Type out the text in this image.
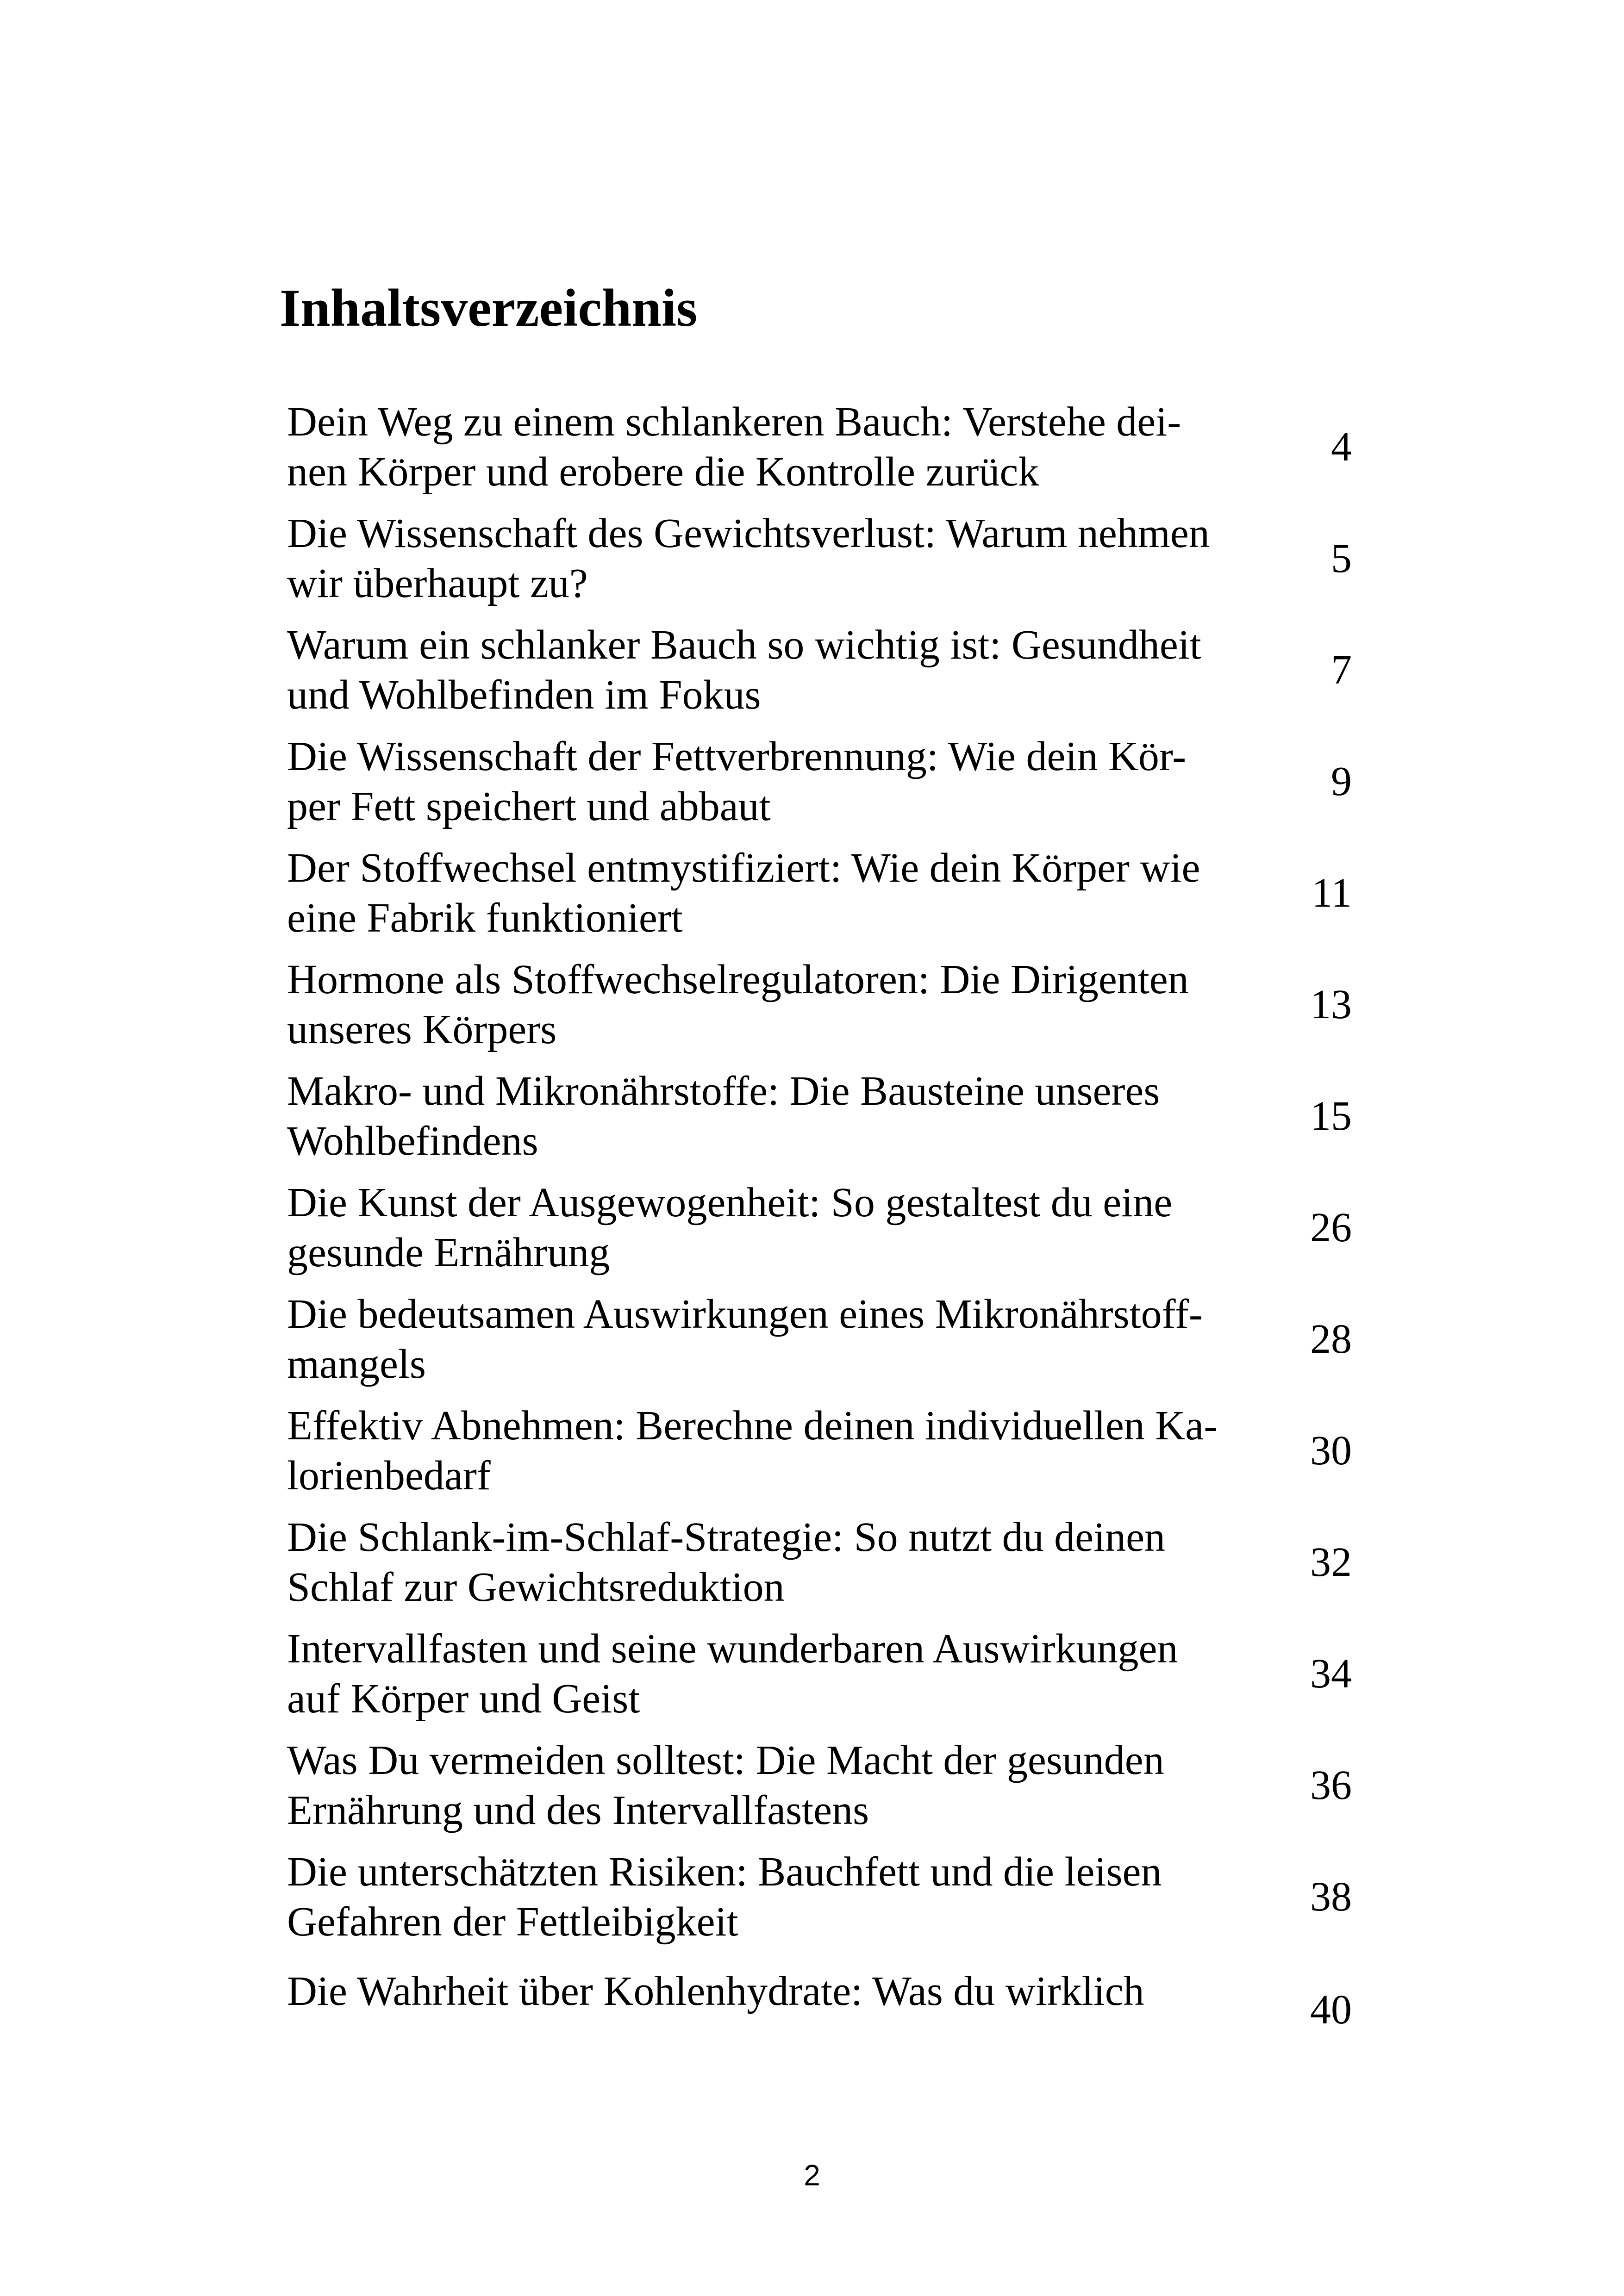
Inhaltsverzeichnis
Dein Weg zu einem schlankeren Bauch: Verstehe dei-
nen Körper und erobere die Kontrolle zurück
4
Die Wissenschaft des Gewichtsverlust: Warum nehmen
wir überhaupt zu?
5
Warum ein schlanker Bauch so wichtig ist: Gesundheit
und Wohlbefinden im Fokus
7
Die Wissenschaft der Fettverbrennung: Wie dein Kör-
per Fett speichert und abbaut
9
Der Stoffwechsel entmystifiziert: Wie dein Körper wie
eine Fabrik funktioniert
11
Hormone als Stoffwechselregulatoren: Die Dirigenten
unseres Körpers
13
Makro- und Mikronährstoffe: Die Bausteine unseres
Wohlbefindens
15
Die Kunst der Ausgewogenheit: So gestaltest du eine
gesunde Ernährung
26
Die bedeutsamen Auswirkungen eines Mikronährstoff-
mangels
28
Effektiv Abnehmen: Berechne deinen individuellen Ka-
lorienbedarf
30
Die Schlank-im-Schlaf-Strategie: So nutzt du deinen
Schlaf zur Gewichtsreduktion
32
Intervallfasten und seine wunderbaren Auswirkungen
auf Körper und Geist
34
Was Du vermeiden solltest: Die Macht der gesunden
Ernährung und des Intervallfastens
36
Die unterschätzten Risiken: Bauchfett und die leisen
Gefahren der Fettleibigkeit
38
Die Wahrheit über Kohlenhydrate: Was du wirklich	40
2
